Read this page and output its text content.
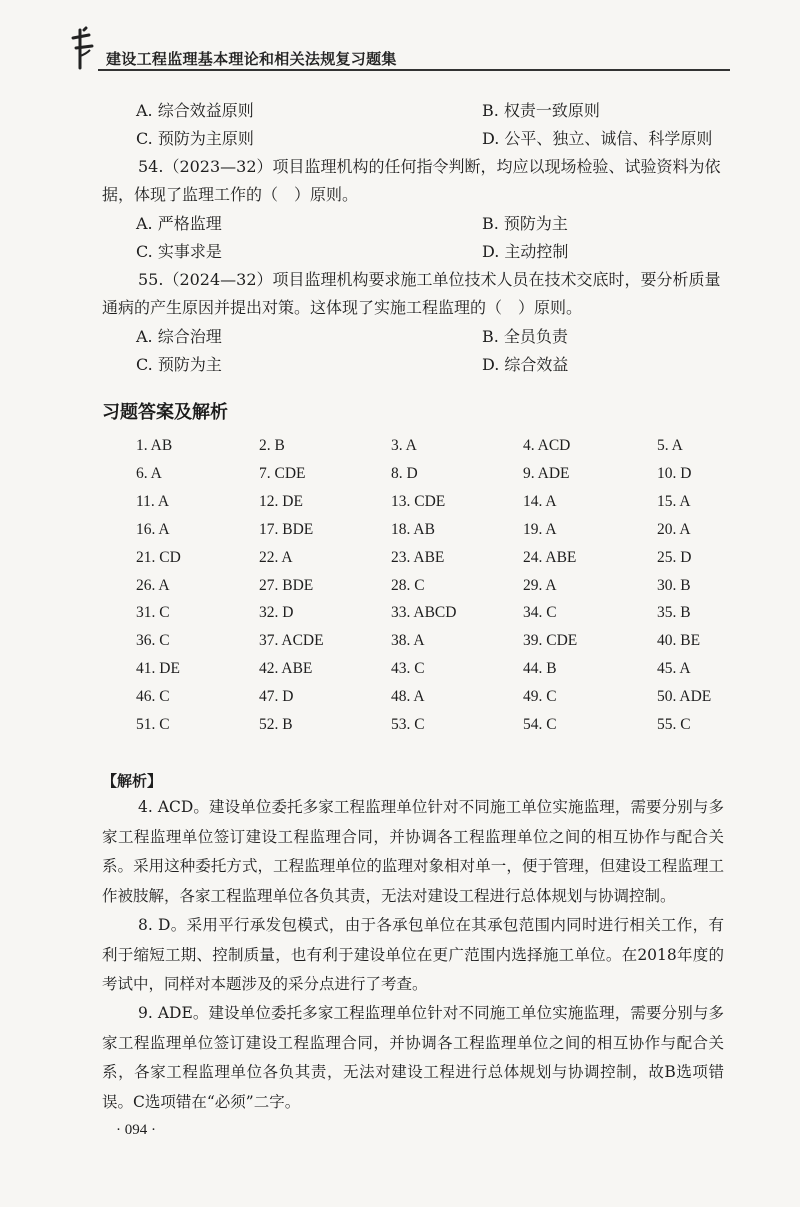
建设工程监理基本理论和相关法规复习题集
A. 综合效益原则	B. 权责一致原则
C. 预防为主原则	D. 公平、独立、诚信、科学原则
54.（2023—32）项目监理机构的任何指令判断，均应以现场检验、试验资料为依据，体现了监理工作的（　）原则。
A. 严格监理	B. 预防为主
C. 实事求是	D. 主动控制
55.（2024—32）项目监理机构要求施工单位技术人员在技术交底时，要分析质量通病的产生原因并提出对策。这体现了实施工程监理的（　）原则。
A. 综合治理	B. 全员负责
C. 预防为主	D. 综合效益
习题答案及解析
1. AB	2. B	3. A	4. ACD	5. A
6. A	7. CDE	8. D	9. ADE	10. D
11. A	12. DE	13. CDE	14. A	15. A
16. A	17. BDE	18. AB	19. A	20. A
21. CD	22. A	23. ABE	24. ABE	25. D
26. A	27. BDE	28. C	29. A	30. B
31. C	32. D	33. ABCD	34. C	35. B
36. C	37. ACDE	38. A	39. CDE	40. BE
41. DE	42. ABE	43. C	44. B	45. A
46. C	47. D	48. A	49. C	50. ADE
51. C	52. B	53. C	54. C	55. C
【解析】
4. ACD。建设单位委托多家工程监理单位针对不同施工单位实施监理，需要分别与多家工程监理单位签订建设工程监理合同，并协调各工程监理单位之间的相互协作与配合关系。采用这种委托方式，工程监理单位的监理对象相对单一，便于管理，但建设工程监理工作被肢解，各家工程监理单位各负其责，无法对建设工程进行总体规划与协调控制。
8. D。采用平行承发包模式，由于各承包单位在其承包范围内同时进行相关工作，有利于缩短工期、控制质量，也有利于建设单位在更广范围内选择施工单位。在2018年度的考试中，同样对本题涉及的采分点进行了考查。
9. ADE。建设单位委托多家工程监理单位针对不同施工单位实施监理，需要分别与多家工程监理单位签订建设工程监理合同，并协调各工程监理单位之间的相互协作与配合关系，各家工程监理单位各负其责，无法对建设工程进行总体规划与协调控制，故B选项错误。C选项错在“必须”二字。
· 094 ·
